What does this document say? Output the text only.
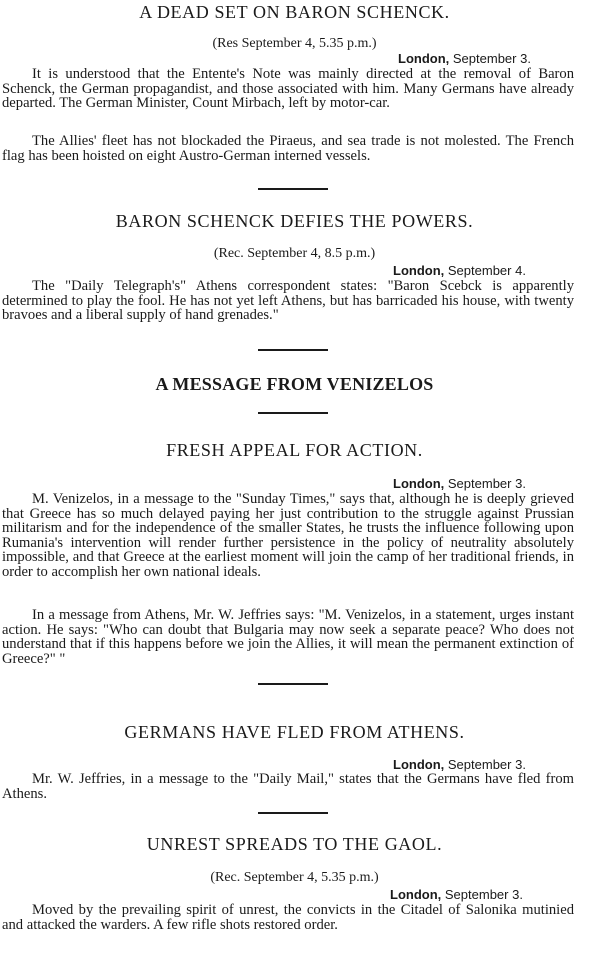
A DEAD SET ON BARON SCHENCK.
(Res September 4, 5.35 p.m.)
London, September 3.

It is understood that the Entente's Note was mainly directed at the removal of Baron Schenck, the German propagandist, and those associated with him. Many Germans have already departed. The German Minister, Count Mirbach, left by motor-car.

The Allies' fleet has not blockaded the Piraeus, and sea trade is not molested. The French flag has been hoisted on eight Austro-German interned vessels.

BARON SCHENCK DEFIES THE POWERS.
(Rec. September 4, 8.5 p.m.)
London, September 4.

The "Daily Telegraph's" Athens correspondent states: "Baron Scebck is apparently determined to play the fool. He has not yet left Athens, but has barricaded his house, with twenty bravoes and a liberal supply of hand grenades."

A MESSAGE FROM VENIZELOS
FRESH APPEAL FOR ACTION.
London, September 3.

M. Venizelos, in a message to the "Sunday Times," says that, although he is deeply grieved that Greece has so much delayed paying her just contribution to the struggle against Prussian militarism and for the independence of the smaller States, he trusts the influence following upon Rumania's intervention will render further persistence in the policy of neutrality absolutely impossible, and that Greece at the earliest moment will join the camp of her traditional friends, in order to accomplish her own national ideals.

In a message from Athens, Mr. W. Jeffries says: "M. Venizelos, in a statement, urges instant action. He says: "Who can doubt that Bulgaria may now seek a separate peace? Who does not understand that if this happens before we join the Allies, it will mean the permanent extinction of Greece?" "

GERMANS HAVE FLED FROM ATHENS.
London, September 3.

Mr. W. Jeffries, in a message to the "Daily Mail," states that the Germans have fled from Athens.

UNREST SPREADS TO THE GAOL.
(Rec. September 4, 5.35 p.m.)
London, September 3.

Moved by the prevailing spirit of unrest, the convicts in the Citadel of Salonika mutinied and attacked the warders. A few rifle shots restored order.
